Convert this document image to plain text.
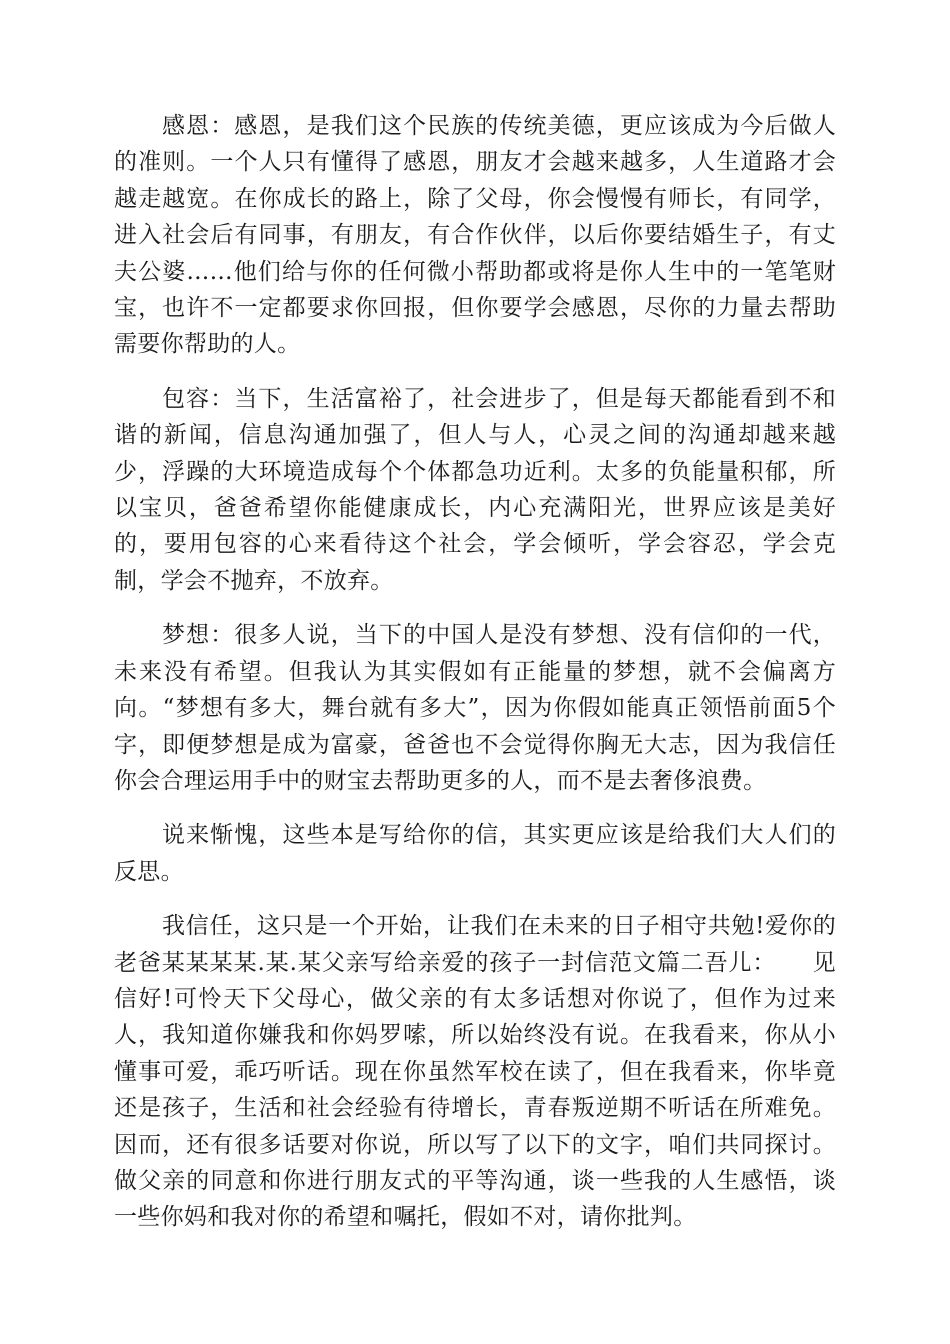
感恩：感恩，是我们这个民族的传统美德，更应该成为今后做人的准则。一个人只有懂得了感恩，朋友才会越来越多，人生道路才会越走越宽。在你成长的路上，除了父母，你会慢慢有师长，有同学，进入社会后有同事，有朋友，有合作伙伴，以后你要结婚生子，有丈夫公婆……他们给与你的任何微小帮助都或将是你人生中的一笔笔财宝，也许不一定都要求你回报，但你要学会感恩，尽你的力量去帮助需要你帮助的人。

包容：当下，生活富裕了，社会进步了，但是每天都能看到不和谐的新闻，信息沟通加强了，但人与人，心灵之间的沟通却越来越少，浮躁的大环境造成每个个体都急功近利。太多的负能量积郁，所以宝贝，爸爸希望你能健康成长，内心充满阳光，世界应该是美好的，要用包容的心来看待这个社会，学会倾听，学会容忍，学会克制，学会不抛弃，不放弃。

梦想：很多人说，当下的中国人是没有梦想、没有信仰的一代，未来没有希望。但我认为其实假如有正能量的梦想，就不会偏离方向。“梦想有多大，舞台就有多大”，因为你假如能真正领悟前面5个字，即便梦想是成为富豪，爸爸也不会觉得你胸无大志，因为我信任你会合理运用手中的财宝去帮助更多的人，而不是去奢侈浪费。

说来惭愧，这些本是写给你的信，其实更应该是给我们大人们的反思。

我信任，这只是一个开始，让我们在未来的日子相守共勉!爱你的老爸某某某某.某.某父亲写给亲爱的孩子一封信范文篇二吾儿：　　见信好!可怜天下父母心，做父亲的有太多话想对你说了，但作为过来人，我知道你嫌我和你妈罗嗦，所以始终没有说。在我看来，你从小懂事可爱，乖巧听话。现在你虽然军校在读了，但在我看来，你毕竟还是孩子，生活和社会经验有待增长，青春叛逆期不听话在所难免。因而，还有很多话要对你说，所以写了以下的文字，咱们共同探讨。做父亲的同意和你进行朋友式的平等沟通，谈一些我的人生感悟，谈一些你妈和我对你的希望和嘱托，假如不对，请你批判。
